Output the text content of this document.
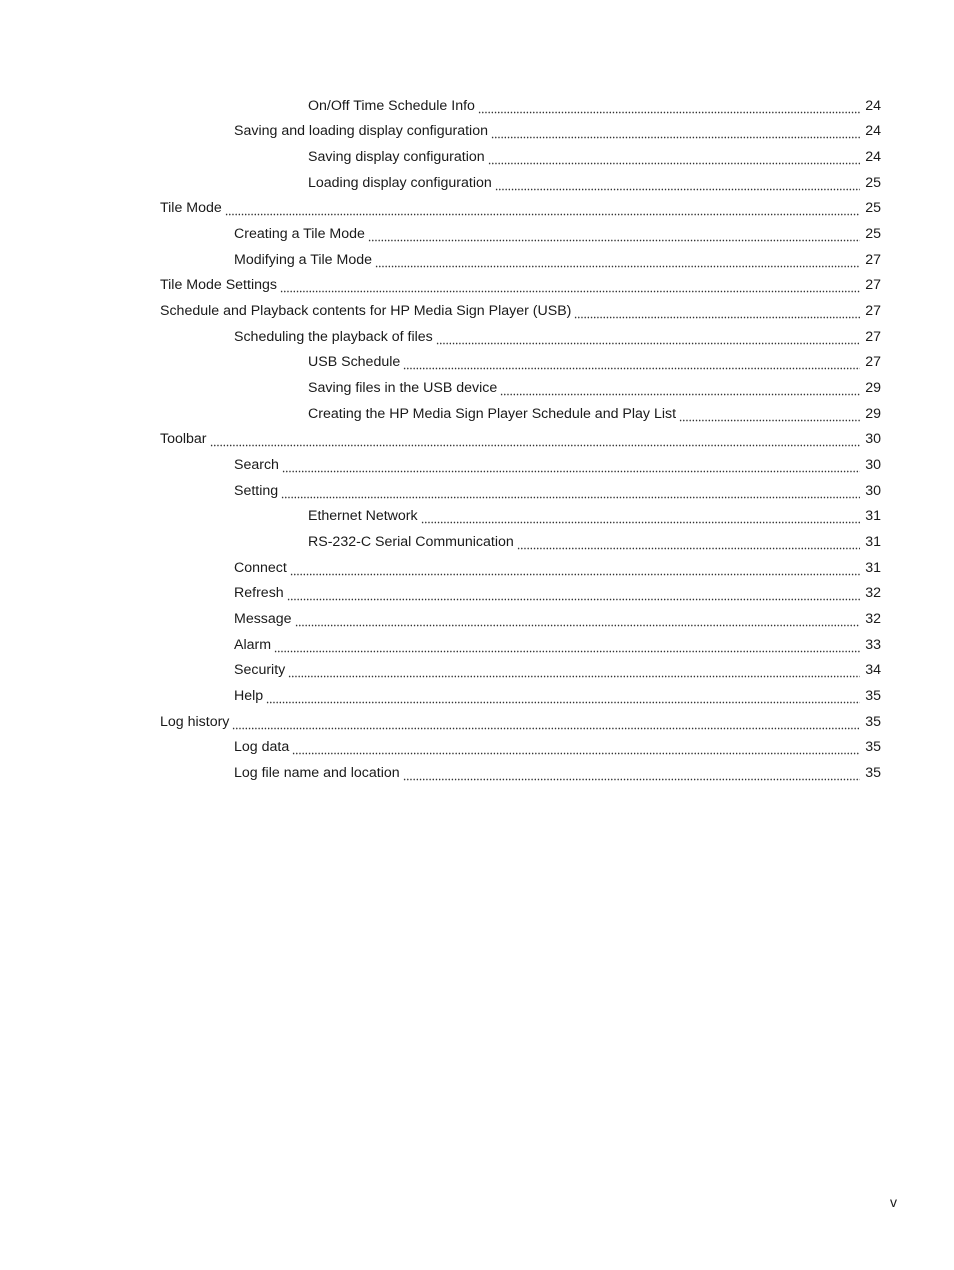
On/Off Time Schedule Info	24
Saving and loading display configuration	24
Saving display configuration	24
Loading display configuration	25
Tile Mode	25
Creating a Tile Mode	25
Modifying a Tile Mode	27
Tile Mode Settings	27
Schedule and Playback contents for HP Media Sign Player (USB)	27
Scheduling the playback of files	27
USB Schedule	27
Saving files in the USB device	29
Creating the HP Media Sign Player Schedule and Play List	29
Toolbar	30
Search	30
Setting	30
Ethernet Network	31
RS-232-C Serial Communication	31
Connect	31
Refresh	32
Message	32
Alarm	33
Security	34
Help	35
Log history	35
Log data	35
Log file name and location	35
v
